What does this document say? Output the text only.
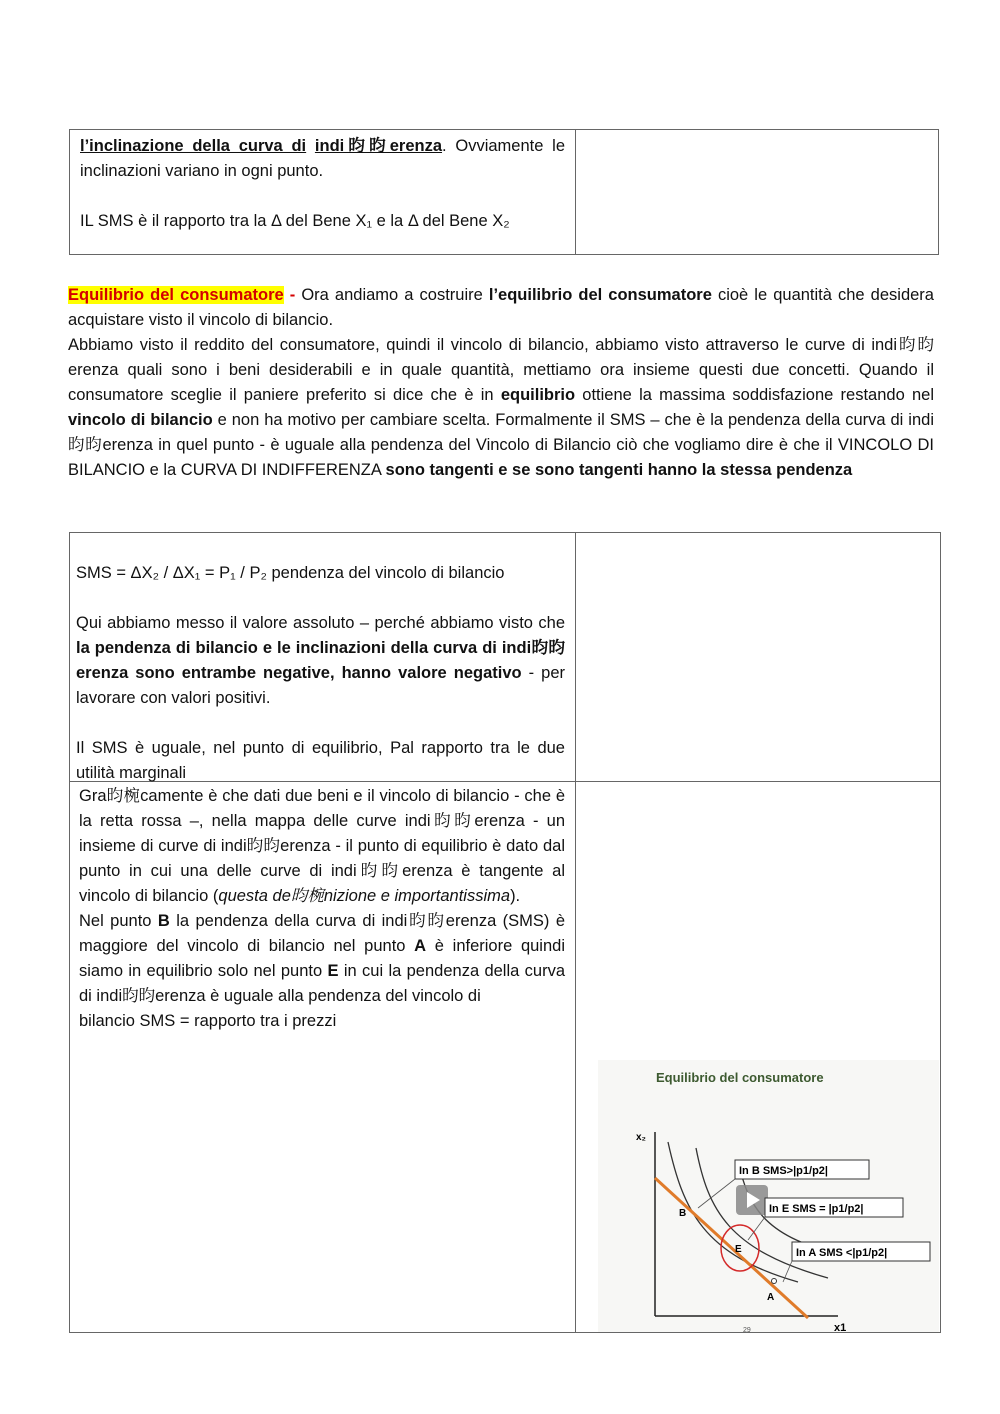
l’inclinazione della curva di indi昀昀erenza. Ovviamente le inclinazioni variano in ogni punto.
IL SMS è il rapporto tra la Δ del Bene X₁ e la Δ del Bene X₂

Equilibrio del consumatore - Ora andiamo a costruire l’equilibrio del consumatore cioè le quantità che desidera acquistare visto il vincolo di bilancio.
Abbiamo visto il reddito del consumatore, quindi il vincolo di bilancio, abbiamo visto attraverso le curve di indi昀昀erenza quali sono i beni desiderabili e in quale quantità, mettiamo ora insieme questi due concetti. Quando il consumatore sceglie il paniere preferito si dice che è in equilibrio ottiene la massima soddisfazione restando nel vincolo di bilancio e non ha motivo per cambiare scelta. Formalmente il SMS – che è la pendenza della curva di indi昀昀erenza in quel punto - è uguale alla pendenza del Vincolo di Bilancio ciò che vogliamo dire è che il VINCOLO DI BILANCIO e la CURVA DI INDIFFERENZA sono tangenti e se sono tangenti hanno la stessa pendenza
SMS = ΔX₂ / ΔX₁ = P₁ / P₂ pendenza del vincolo di bilancio
Qui abbiamo messo il valore assoluto – perché abbiamo visto che la pendenza di bilancio e le inclinazioni della curva di indi昀昀erenza sono entrambe negative, hanno valore negativo - per lavorare con valori positivi.
Il SMS è uguale, nel punto di equilibrio, Pal rapporto tra le due utilità marginali	

Gra昀椀camente è che dati due beni e il vincolo di bilancio - che è la retta rossa –, nella mappa delle curve indi昀昀erenza - un insieme di curve di indi昀昀erenza - il punto di equilibrio è dato dal punto in cui una delle curve di indi昀昀erenza è tangente al vincolo di bilancio (questa de昀椀nizione e importantissima).
Nel punto B la pendenza della curva di indi昀昀erenza (SMS) è maggiore del vincolo di bilancio nel punto A è inferiore quindi siamo in equilibrio solo nel punto E in cui la pendenza della curva di indi昀昀erenza è uguale alla pendenza del vincolo di
bilancio SMS = rapporto tra i prezzi	

Equilibrio del consumatore
x₂
x1
29
In B SMS>|p1/p2|
In E SMS = |p1/p2|
In A SMS <|p1/p2|
B
E
A
